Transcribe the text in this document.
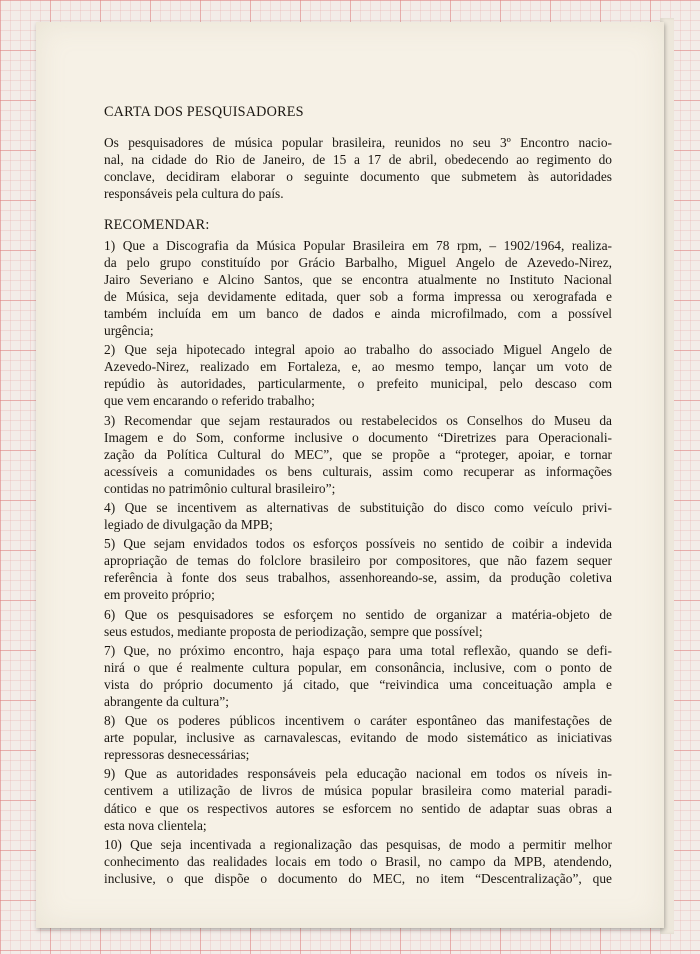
CARTA DOS PESQUISADORES
Os pesquisadores de música popular brasileira, reunidos no seu 3º Encontro nacio-
nal, na cidade do Rio de Janeiro, de 15 a 17 de abril, obedecendo ao regimento do
conclave, decidiram elaborar o seguinte documento que submetem às autoridades
responsáveis pela cultura do país.
RECOMENDAR:
1) Que a Discografia da Música Popular Brasileira em 78 rpm, – 1902/1964, realiza-
da pelo grupo constituído por Grácio Barbalho, Miguel Angelo de Azevedo-Nirez,
Jairo Severiano e Alcino Santos, que se encontra atualmente no Instituto Nacional
de Música, seja devidamente editada, quer sob a forma impressa ou xerografada e
também incluída em um banco de dados e ainda microfilmado, com a possível
urgência;
2) Que seja hipotecado integral apoio ao trabalho do associado Miguel Angelo de
Azevedo-Nirez, realizado em Fortaleza, e, ao mesmo tempo, lançar um voto de
repúdio às autoridades, particularmente, o prefeito municipal, pelo descaso com
que vem encarando o referido trabalho;
3) Recomendar que sejam restaurados ou restabelecidos os Conselhos do Museu da
Imagem e do Som, conforme inclusive o documento “Diretrizes para Operacionali-
zação da Política Cultural do MEC”, que se propõe a “proteger, apoiar, e tornar
acessíveis a comunidades os bens culturais, assim como recuperar as informações
contidas no patrimônio cultural brasileiro”;
4) Que se incentivem as alternativas de substituição do disco como veículo privi-
legiado de divulgação da MPB;
5) Que sejam envidados todos os esforços possíveis no sentido de coibir a indevida
apropriação de temas do folclore brasileiro por compositores, que não fazem sequer
referência à fonte dos seus trabalhos, assenhoreando-se, assim, da produção coletiva
em proveito próprio;
6) Que os pesquisadores se esforçem no sentido de organizar a matéria-objeto de
seus estudos, mediante proposta de periodização, sempre que possível;
7) Que, no próximo encontro, haja espaço para uma total reflexão, quando se defi-
nirá o que é realmente cultura popular, em consonância, inclusive, com o ponto de
vista do próprio documento já citado, que “reivindica uma conceituação ampla e
abrangente da cultura”;
8) Que os poderes públicos incentivem o caráter espontâneo das manifestações de
arte popular, inclusive as carnavalescas, evitando de modo sistemático as iniciativas
repressoras desnecessárias;
9) Que as autoridades responsáveis pela educação nacional em todos os níveis in-
centivem a utilização de livros de música popular brasileira como material paradi-
dático e que os respectivos autores se esforcem no sentido de adaptar suas obras a
esta nova clientela;
10) Que seja incentivada a regionalização das pesquisas, de modo a permitir melhor
conhecimento das realidades locais em todo o Brasil, no campo da MPB, atendendo,
inclusive, o que dispõe o documento do MEC, no item “Descentralização”, que
